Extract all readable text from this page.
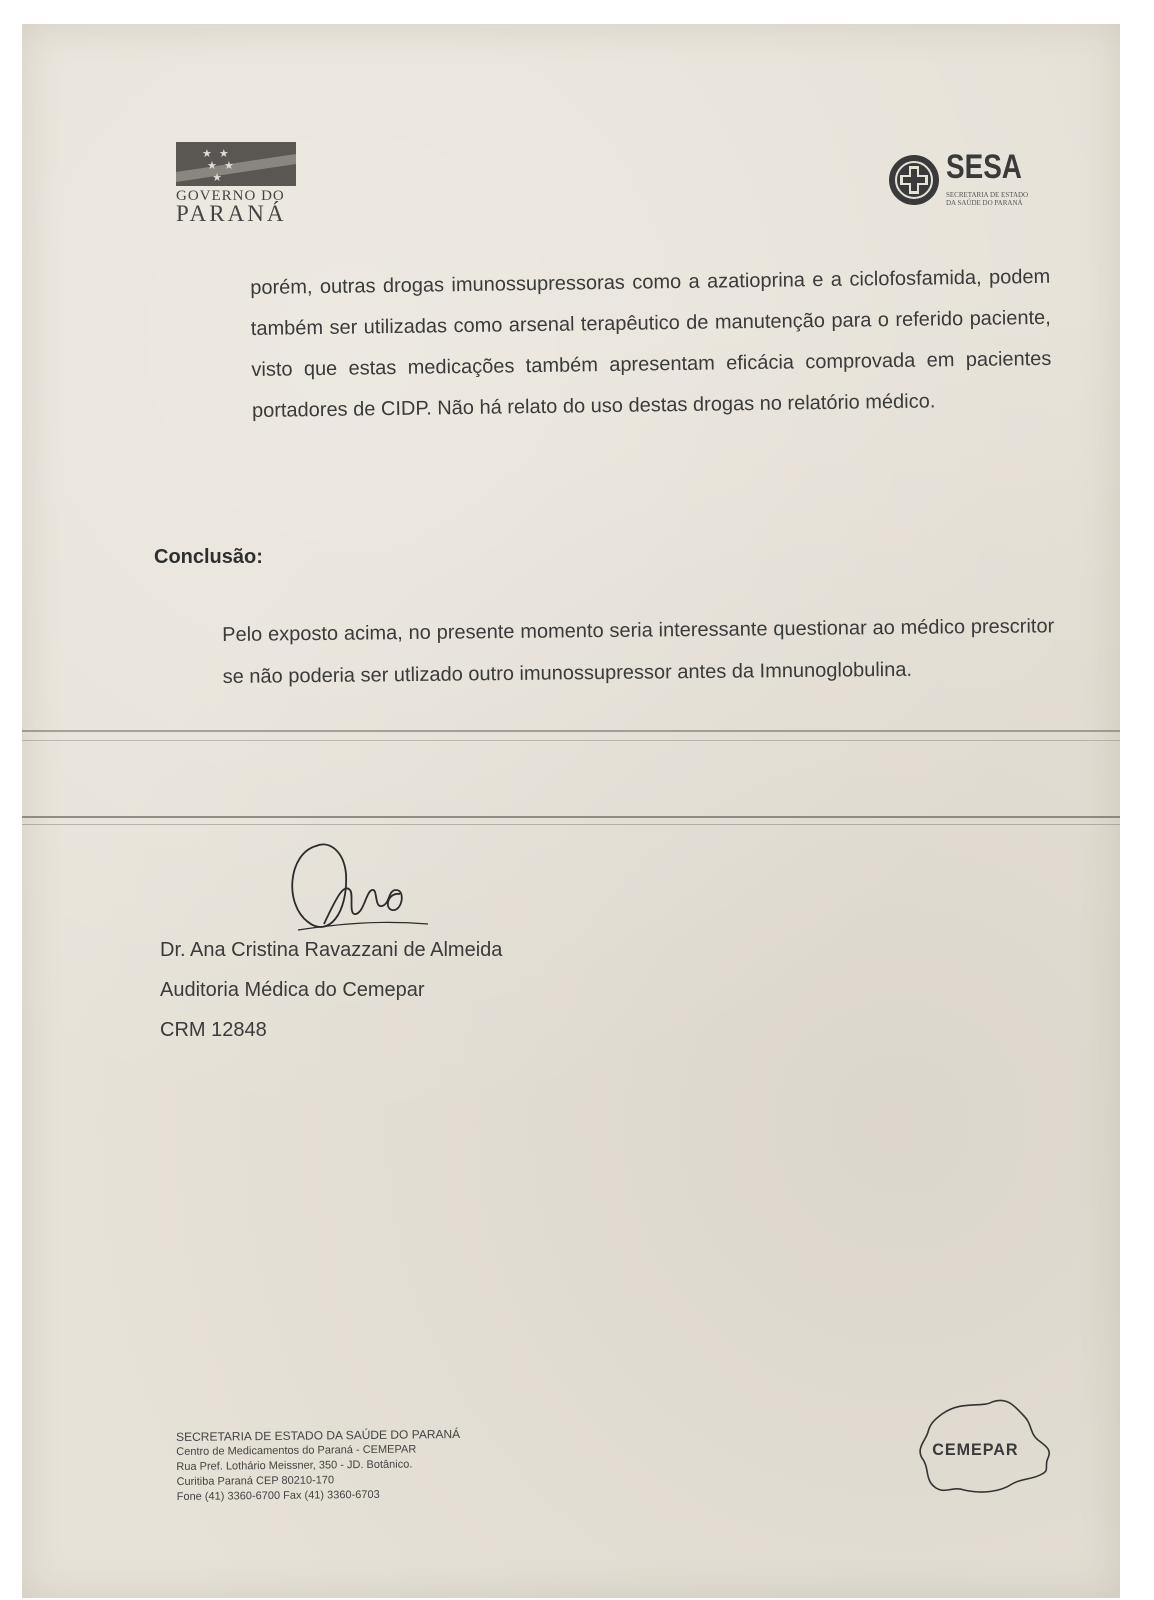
★ ★
★ ★
★
GOVERNO DO
PARANÁ
SESA
SECRETARIA DE ESTADO
DA SAÚDE DO PARANÁ
porém, outras drogas imunossupressoras como a azatioprina e a ciclofosfamida, podem também ser utilizadas como arsenal terapêutico de manutenção para o referido paciente, visto que estas medicações também apresentam eficácia comprovada em pacientes portadores de CIDP. Não há relato do uso destas drogas no relatório médico.
Conclusão:
Pelo exposto acima, no presente momento seria interessante questionar ao médico prescritor se não poderia ser utlizado outro imunossupressor antes da Imnunoglobulina.
Dr. Ana Cristina Ravazzani de Almeida
Auditoria Médica do Cemepar
CRM 12848
SECRETARIA DE ESTADO DA SAÚDE DO PARANÁ
Centro de Medicamentos do Paraná - CEMEPAR
Rua Pref. Lothário Meissner, 350 - JD. Botânico.
Curitiba Paraná CEP 80210-170
Fone (41) 3360-6700 Fax (41) 3360-6703
CEMEPAR
